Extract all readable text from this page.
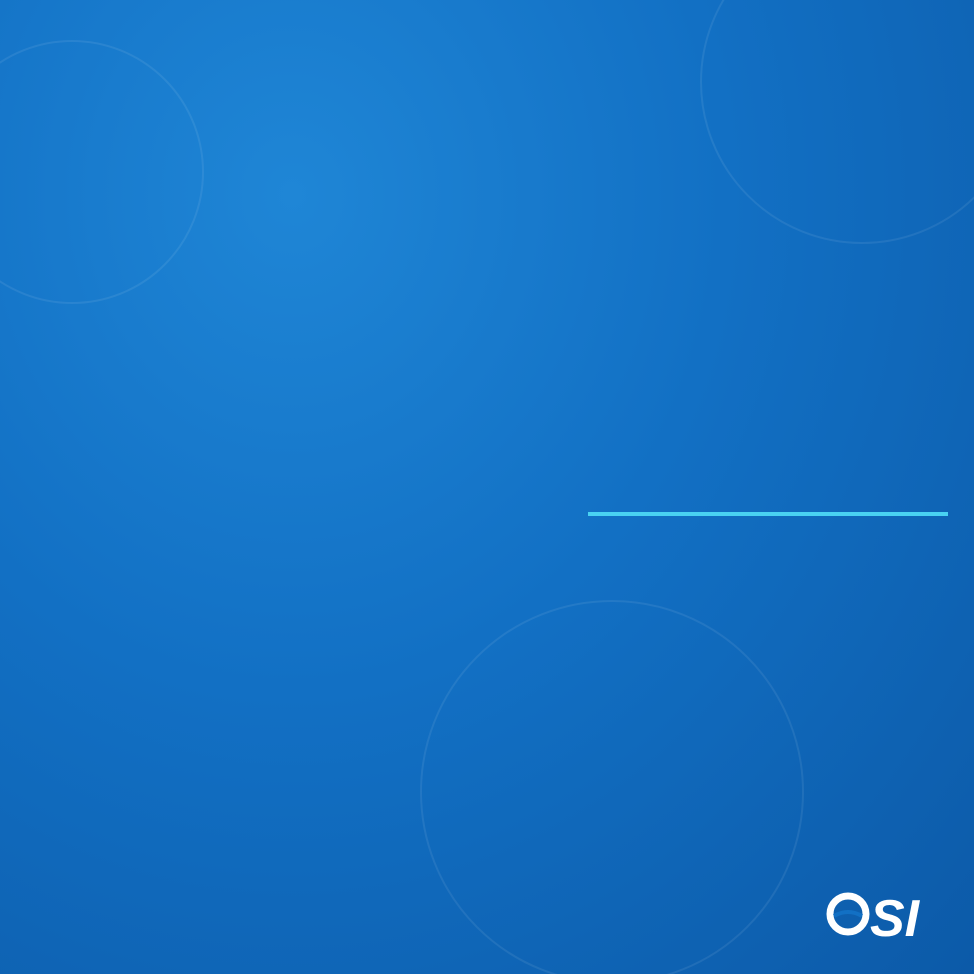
SI
